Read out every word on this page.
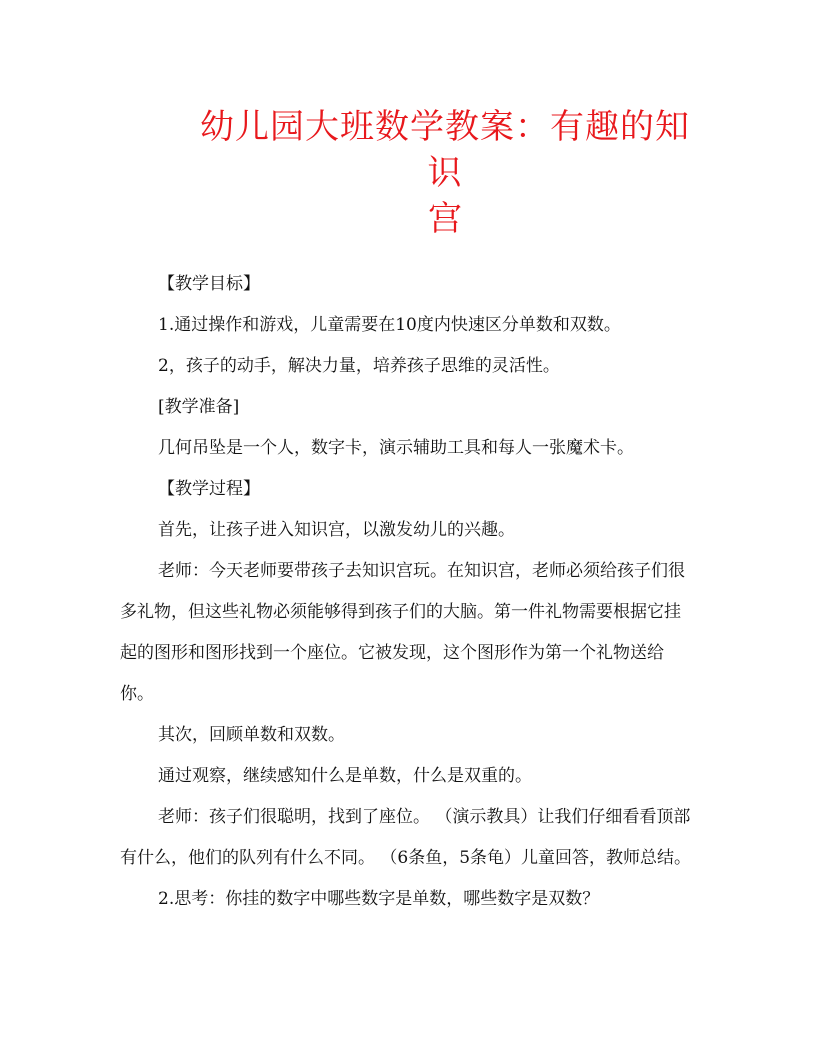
幼儿园大班数学教案：有趣的知识
宫

【教学目标】

1.通过操作和游戏，儿童需要在10度内快速区分单数和双数。

2，孩子的动手，解决力量，培养孩子思维的灵活性。

[教学准备]

几何吊坠是一个人，数字卡，演示辅助工具和每人一张魔术卡。

【教学过程】

首先，让孩子进入知识宫，以激发幼儿的兴趣。

老师：今天老师要带孩子去知识宫玩。在知识宫，老师必须给孩子们很多礼物，但这些礼物必须能够得到孩子们的大脑。第一件礼物需要根据它挂起的图形和图形找到一个座位。它被发现，这个图形作为第一个礼物送给你。

其次，回顾单数和双数。

通过观察，继续感知什么是单数，什么是双重的。

老师：孩子们很聪明，找到了座位。 （演示教具）让我们仔细看看顶部有什么，他们的队列有什么不同。 （6条鱼，5条龟）儿童回答，教师总结。

2.思考：你挂的数字中哪些数字是单数，哪些数字是双数？
